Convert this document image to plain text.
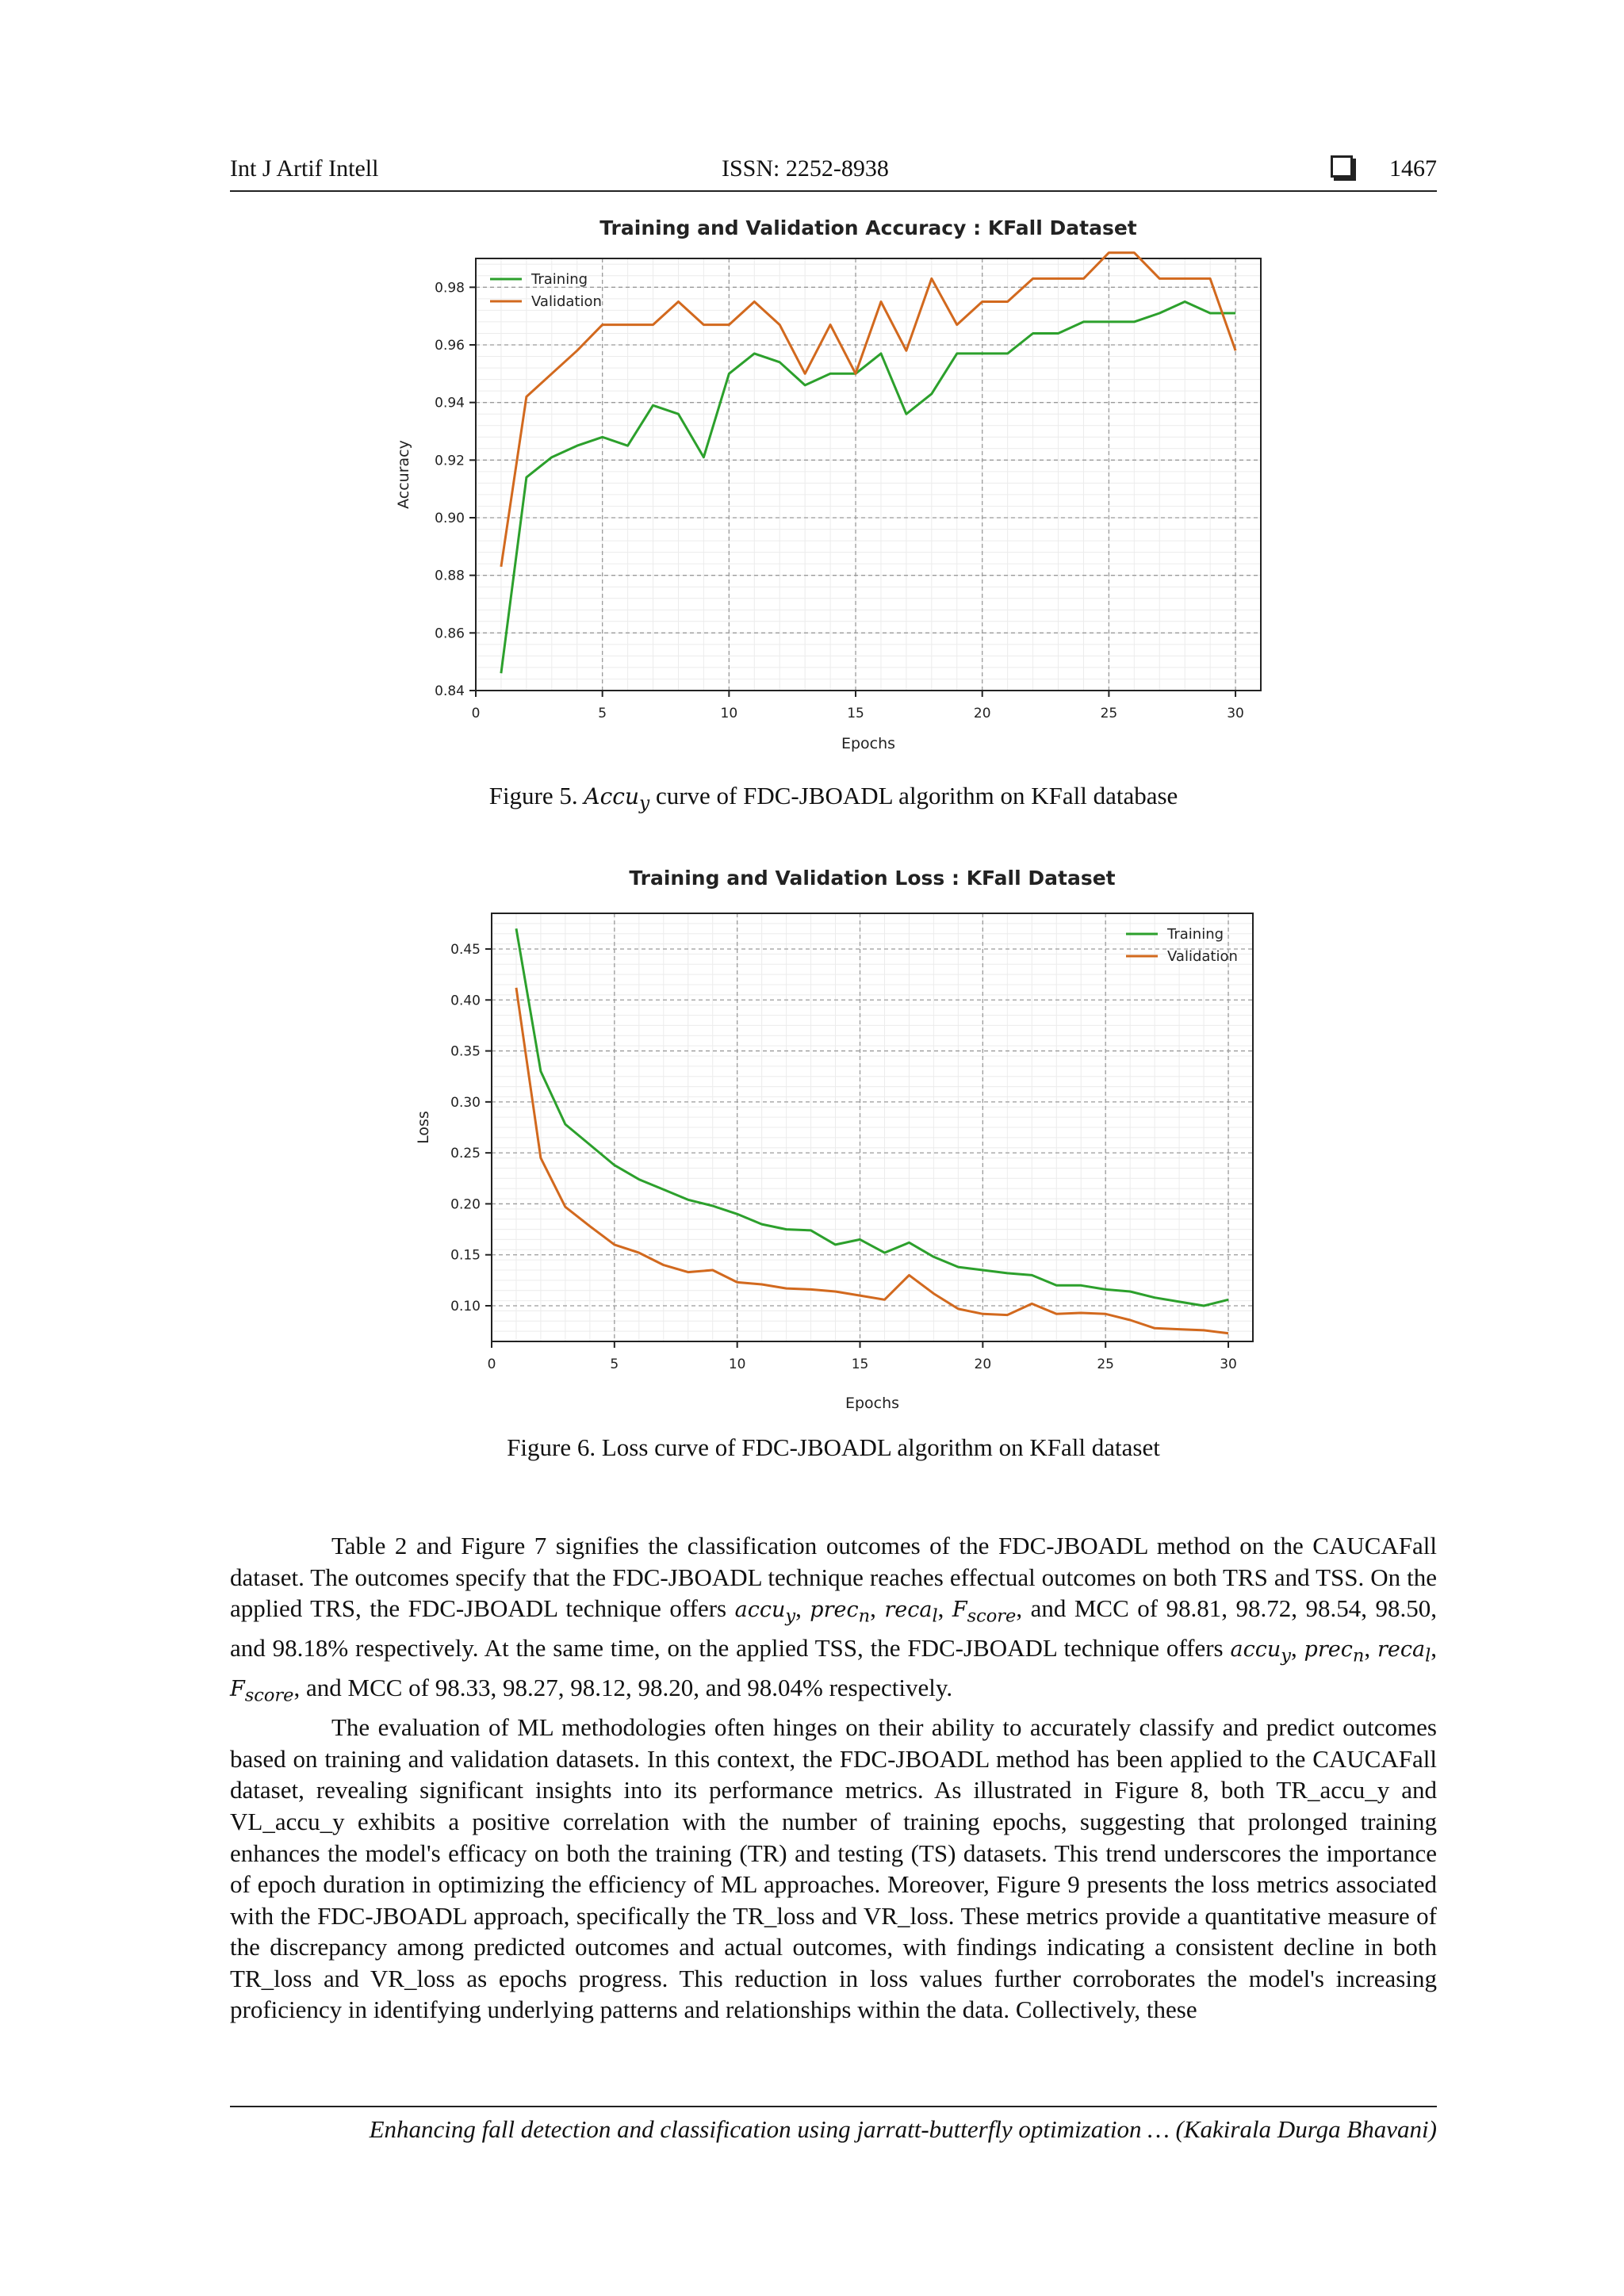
Int J Artif Intell	ISSN: 2252-8938	1467
0	5	10	15	20	25	30
0.84
0.86
0.88
0.90
0.92
0.94
0.96
0.98
Training and Validation Accuracy : KFall Dataset
Epochs
Accuracy
Training
Validation
Figure 5. Accu$_y$ curve of FDC-JBOADL algorithm on KFall database
0	5	10	15	20	25	30
0.10
0.15
0.20
0.25
0.30
0.35
0.40
0.45
Training and Validation Loss : KFall Dataset
Epochs
Loss
Training
Validation
Figure 6. Loss curve of FDC-JBOADL algorithm on KFall dataset

Table 2 and Figure 7 signifies the classification outcomes of the FDC-JBOADL method on the CAUCAFall dataset. The outcomes specify that the FDC-JBOADL technique reaches effectual outcomes on both TRS and TSS. On the applied TRS, the FDC-JBOADL technique offers accu$_y$, prec$_n$, reca$_l$, $F_{score}$, and MCC of 98.81, 98.72, 98.54, 98.50, and 98.18% respectively. At the same time, on the applied TSS, the FDC-JBOADL technique offers accu$_y$, prec$_n$, reca$_l$, $F_{score}$, and MCC of 98.33, 98.27, 98.12, 98.20, and 98.04% respectively.

The evaluation of ML methodologies often hinges on their ability to accurately classify and predict outcomes based on training and validation datasets. In this context, the FDC-JBOADL method has been applied to the CAUCAFall dataset, revealing significant insights into its performance metrics. As illustrated in Figure 8, both TR_accu_y and VL_accu_y exhibits a positive correlation with the number of training epochs, suggesting that prolonged training enhances the model's efficacy on both the training (TR) and testing (TS) datasets. This trend underscores the importance of epoch duration in optimizing the efficiency of ML approaches. Moreover, Figure 9 presents the loss metrics associated with the FDC-JBOADL approach, specifically the TR_loss and VR_loss. These metrics provide a quantitative measure of the discrepancy among predicted outcomes and actual outcomes, with findings indicating a consistent decline in both TR_loss and VR_loss as epochs progress. This reduction in loss values further corroborates the model's increasing proficiency in identifying underlying patterns and relationships within the data. Collectively, these

Enhancing fall detection and classification using jarratt-butterfly optimization … (Kakirala Durga Bhavani)
